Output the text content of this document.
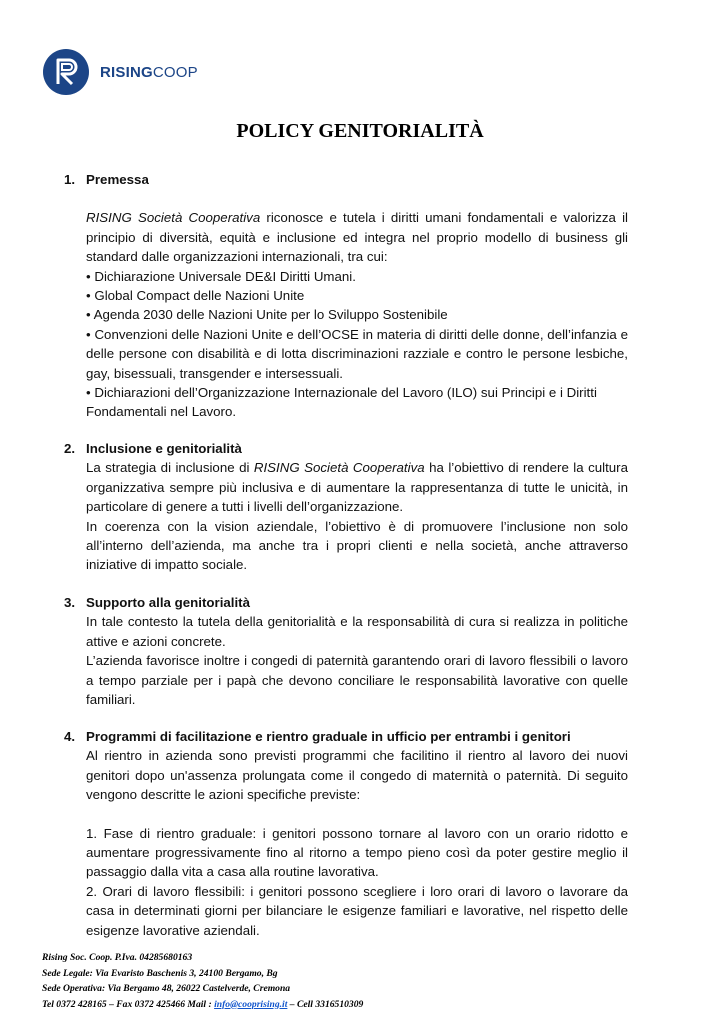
RISINGCOOP
POLICY GENITORIALITÀ
1. Premessa

RISING Società Cooperativa riconosce e tutela i diritti umani fondamentali e valorizza il principio di diversità, equità e inclusione ed integra nel proprio modello di business gli standard dalle organizzazioni internazionali, tra cui:

• Dichiarazione Universale DE&I Diritti Umani.

• Global Compact delle Nazioni Unite

• Agenda 2030 delle Nazioni Unite per lo Sviluppo Sostenibile

• Convenzioni delle Nazioni Unite e dell’OCSE in materia di diritti delle donne, dell’infanzia e delle persone con disabilità e di lotta discriminazioni razziale e contro le persone lesbiche, gay, bisessuali, transgender e intersessuali.

• Dichiarazioni dell’Organizzazione Internazionale del Lavoro (ILO) sui Principi e i Diritti Fondamentali nel Lavoro.

2. Inclusione e genitorialità

La strategia di inclusione di RISING Società Cooperativa ha l’obiettivo di rendere la cultura organizzativa sempre più inclusiva e di aumentare la rappresentanza di tutte le unicità, in particolare di genere a tutti i livelli dell’organizzazione.

In coerenza con la vision aziendale, l’obiettivo è di promuovere l’inclusione non solo all’interno dell’azienda, ma anche tra i propri clienti e nella società, anche attraverso iniziative di impatto sociale.

3. Supporto alla genitorialità

In tale contesto la tutela della genitorialità e la responsabilità di cura si realizza in politiche attive e azioni concrete.

L’azienda favorisce inoltre i congedi di paternità garantendo orari di lavoro flessibili o lavoro a tempo parziale per i papà che devono conciliare le responsabilità lavorative con quelle familiari.

4. Programmi di facilitazione e rientro graduale in ufficio per entrambi i genitori

Al rientro in azienda sono previsti programmi che facilitino il rientro al lavoro dei nuovi genitori dopo un'assenza prolungata come il congedo di maternità o paternità. Di seguito vengono descritte le azioni specifiche previste:

1. Fase di rientro graduale: i genitori possono tornare al lavoro con un orario ridotto e aumentare progressivamente fino al ritorno a tempo pieno così da poter gestire meglio il passaggio dalla vita a casa alla routine lavorativa.

2. Orari di lavoro flessibili: i genitori possono scegliere i loro orari di lavoro o lavorare da casa in determinati giorni per bilanciare le esigenze familiari e lavorative, nel rispetto delle esigenze lavorative aziendali.

Rising Soc. Coop. P.Iva. 04285680163
Sede Legale: Via Evaristo Baschenis 3, 24100 Bergamo, Bg
Sede Operativa: Via Bergamo 48, 26022 Castelverde, Cremona
Tel 0372 428165 – Fax 0372 425466 Mail : info@cooprising.it – Cell 3316510309
